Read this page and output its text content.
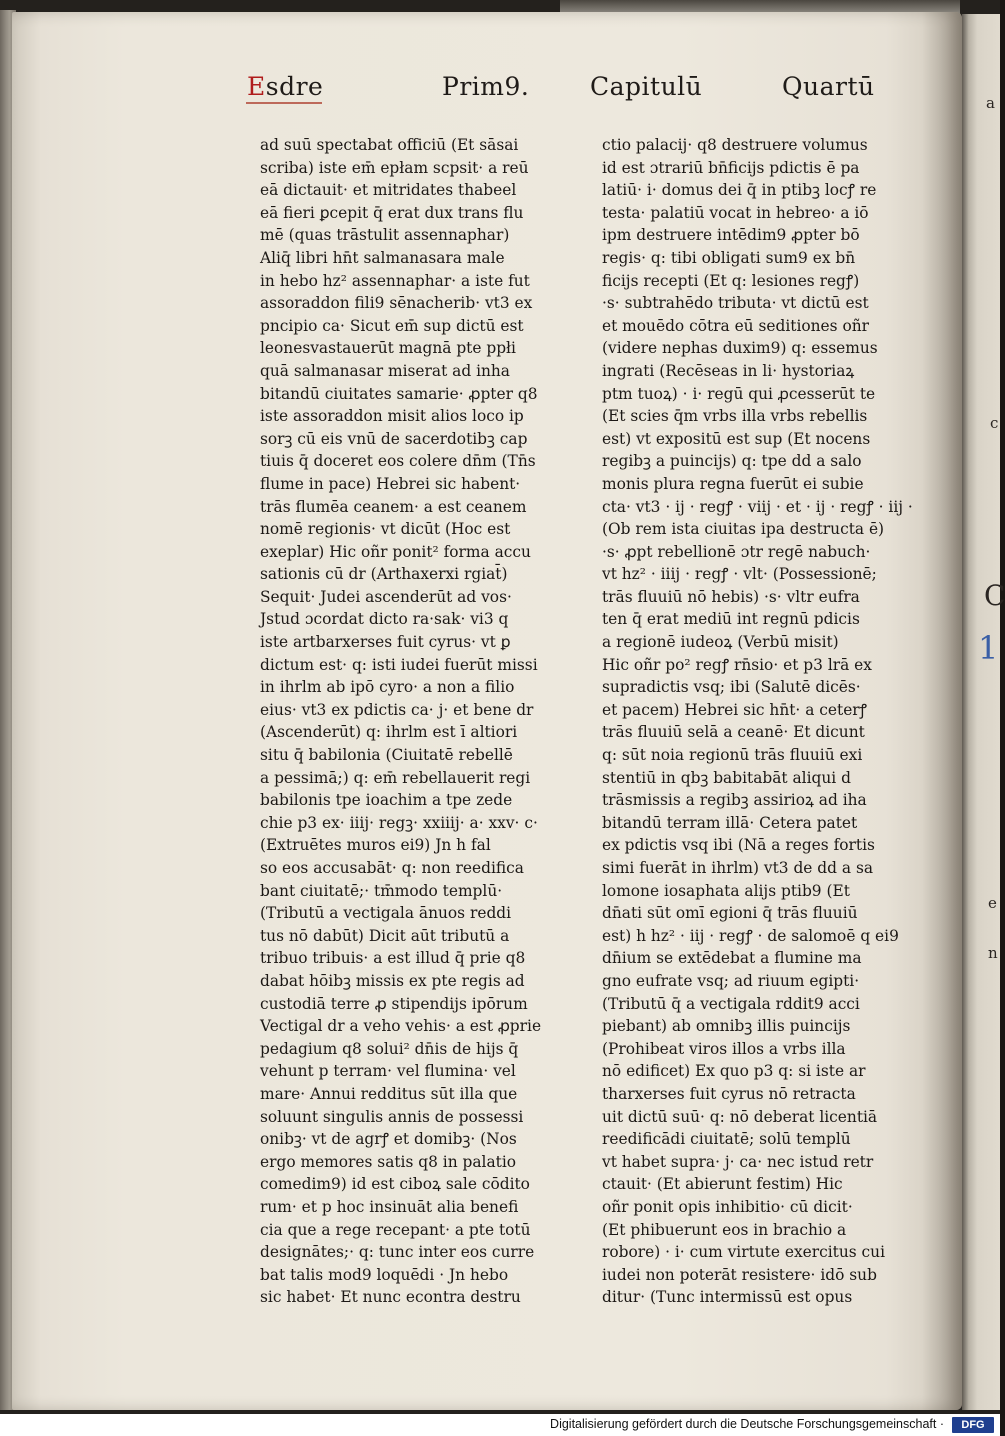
Esdre	Prim9. Capitulū	Quartū
ad suū spectabat officiū (Et sāsai
scriba) iste em̄ epłam scpsit· a reū
eā dictauit· et mitridates thabeel
eā fieri ꝑcepit q̄ erat dux trans flu
mē (quas trāstulit assennaphar)
Aliq̄ libri hn̄t salmanasara male
in hebo hz² assennaphar· a iste fut
assoraddon fili9 sēnacherib· vt3 ex
pncipio ca· Sicut em̄ sup dictū est
leonesvastauerūt magnā pte ppłi
quā salmanasar miserat ad inha
bitandū ciuitates samarie· ꝓpter q8
iste assoraddon misit alios loco ip
sorꝫ cū eis vnū de sacerdotibꝫ cap
tiuis q̄ doceret eos colere dn̄m (Tn̄s
flume in pace) Hebrei sic habent·
trās flumēa ceanem· a est ceanem
nomē regionis· vt dicūt (Hoc est
exeplar) Hic oñr ponit² forma accu
sationis cū dr (Arthaxerxi rgiat̄)
Sequit· Judei ascenderūt ad vos·
Jstud ɔcordat dicto ra·sak· vi3 q
iste artbarxerses fuit cyrus· vt ꝑ
dictum est· q: isti iudei fuerūt missi
in ihrlm ab ipō cyro· a non a filio
eius· vt3 ex pdictis ca· j· et bene dr
(Ascenderūt) q: ihrlm est ī altiori
situ q̄ babilonia (Ciuitatē rebellē
a pessimā;) q: em̄ rebellauerit regi
babilonis tpe ioachim a tpe zede
chie p3 ex· iiij· regꝫ· xxiiij· a· xxv· c·
(Extruētes muros ei9) Jn h fal
so eos accusabāt· q: non reedifica
bant ciuitatē;· tm̄modo templū·
(Tributū a vectigala ānuos reddi
tus nō dabūt) Dicit aūt tributū a
tribuo tribuis· a est illud q̄ prie q8
dabat hōibꝫ missis ex pte regis ad
custodiā terre ꝓ stipendijs ipōrum
Vectigal dr a veho vehis· a est ꝓprie
pedagium q8 solui² dn̄is de hijs q̄
vehunt p terram· vel flumina· vel
mare· Annui redditus sūt illa que
soluunt singulis annis de possessi
onibꝫ· vt de agrꝭ et domibꝫ· (Nos
ergo memores satis q8 in palatio
comedim9) id est ciboꝝ sale cōdito
rum· et p hoc insinuāt alia benefi
cia que a rege recepant· a pte totū
designātes;· q: tunc inter eos curre
bat talis mod9 loquēdi · Jn hebo
sic habet· Et nunc econtra destru
ctio palacij· q8 destruere volumus
id est ɔtrariū bn̄ficijs pdictis ē pa
latiū· i· domus dei q̄ in ptibꝫ locꝭ re
testa· palatiū vocat in hebreo· a iō
ipm destruere intēdim9 ꝓpter bō
regis· q: tibi obligati sum9 ex bn̄
ficijs recepti (Et q: lesiones regꝭ)
·s· subtrahēdo tributa· vt dictū est
et mouēdo cōtra eū seditiones oñr
(videre nephas duxim9) q: essemus
ingrati (Recēseas in li· hystoriaꝝ
ptm tuoꝝ) · i· regū qui ꝓcesserūt te
(Et scies q̄m vrbs illa vrbs rebellis
est) vt expositū est sup (Et nocens
regibꝫ a puincijs) q: tpe dd a salo
monis plura regna fuerūt ei subie
cta· vt3 · ij · regꝭ · viij · et · ij · regꝭ · iij ·
(Ob rem ista ciuitas ipa destructa ē)
·s· ꝓpt rebellionē ɔtr regē nabuch·
vt hz² · iiij · regꝭ · vlt· (Possessionē;
trās fluuiū nō hebis) ·s· vltr eufra
ten q̄ erat mediū int regnū pdicis
a regionē iudeoꝝ (Verbū misit)
Hic oñr po² regꝭ rn̄sio· et p3 lrā ex
supradictis vsq; ibi (Salutē dicēs·
et pacem) Hebrei sic hn̄t· a ceterꝭ
trās fluuiū selā a ceanē· Et dicunt
q: sūt noia regionū trās fluuiū exi
stentiū in qbꝫ babitabāt aliqui d
trāsmissis a regibꝫ assirioꝝ ad iha
bitandū terram illā· Cetera patet
ex pdictis vsq ibi (Nā a reges fortis
simi fuerāt in ihrlm) vt3 de dd a sa
lomone iosaphata alijs ptib9 (Et
dn̄ati sūt omī egioni q̄ trās fluuiū
est) h hz² · iij · regꝭ · de salomoē q ei9
dn̄ium se extēdebat a flumine ma
gno eufrate vsq; ad riuum egipti·
(Tributū q̄ a vectigala rddit9 acci
piebant) ab omnibꝫ illis puincijs
(Prohibeat viros illos a vrbs illa
nō edificet) Ex quo p3 q: si iste ar
tharxerses fuit cyrus nō retracta
uit dictū suū· q: nō deberat licentiā
reedificādi ciuitatē; solū templū
vt habet supra· j· ca· nec istud retr
ctauit· (Et abierunt festim) Hic
oñr ponit opis inhibitio· cū dicit·
(Et phibuerunt eos in brachio a
robore) · i· cum virtute exercitus cui
iudei non poterāt resistere· idō sub
ditur· (Tunc intermissū est opus
a
c
C
1
e
n
Digitalisierung gefördert durch die Deutsche Forschungsgemeinschaft ·	DFG
